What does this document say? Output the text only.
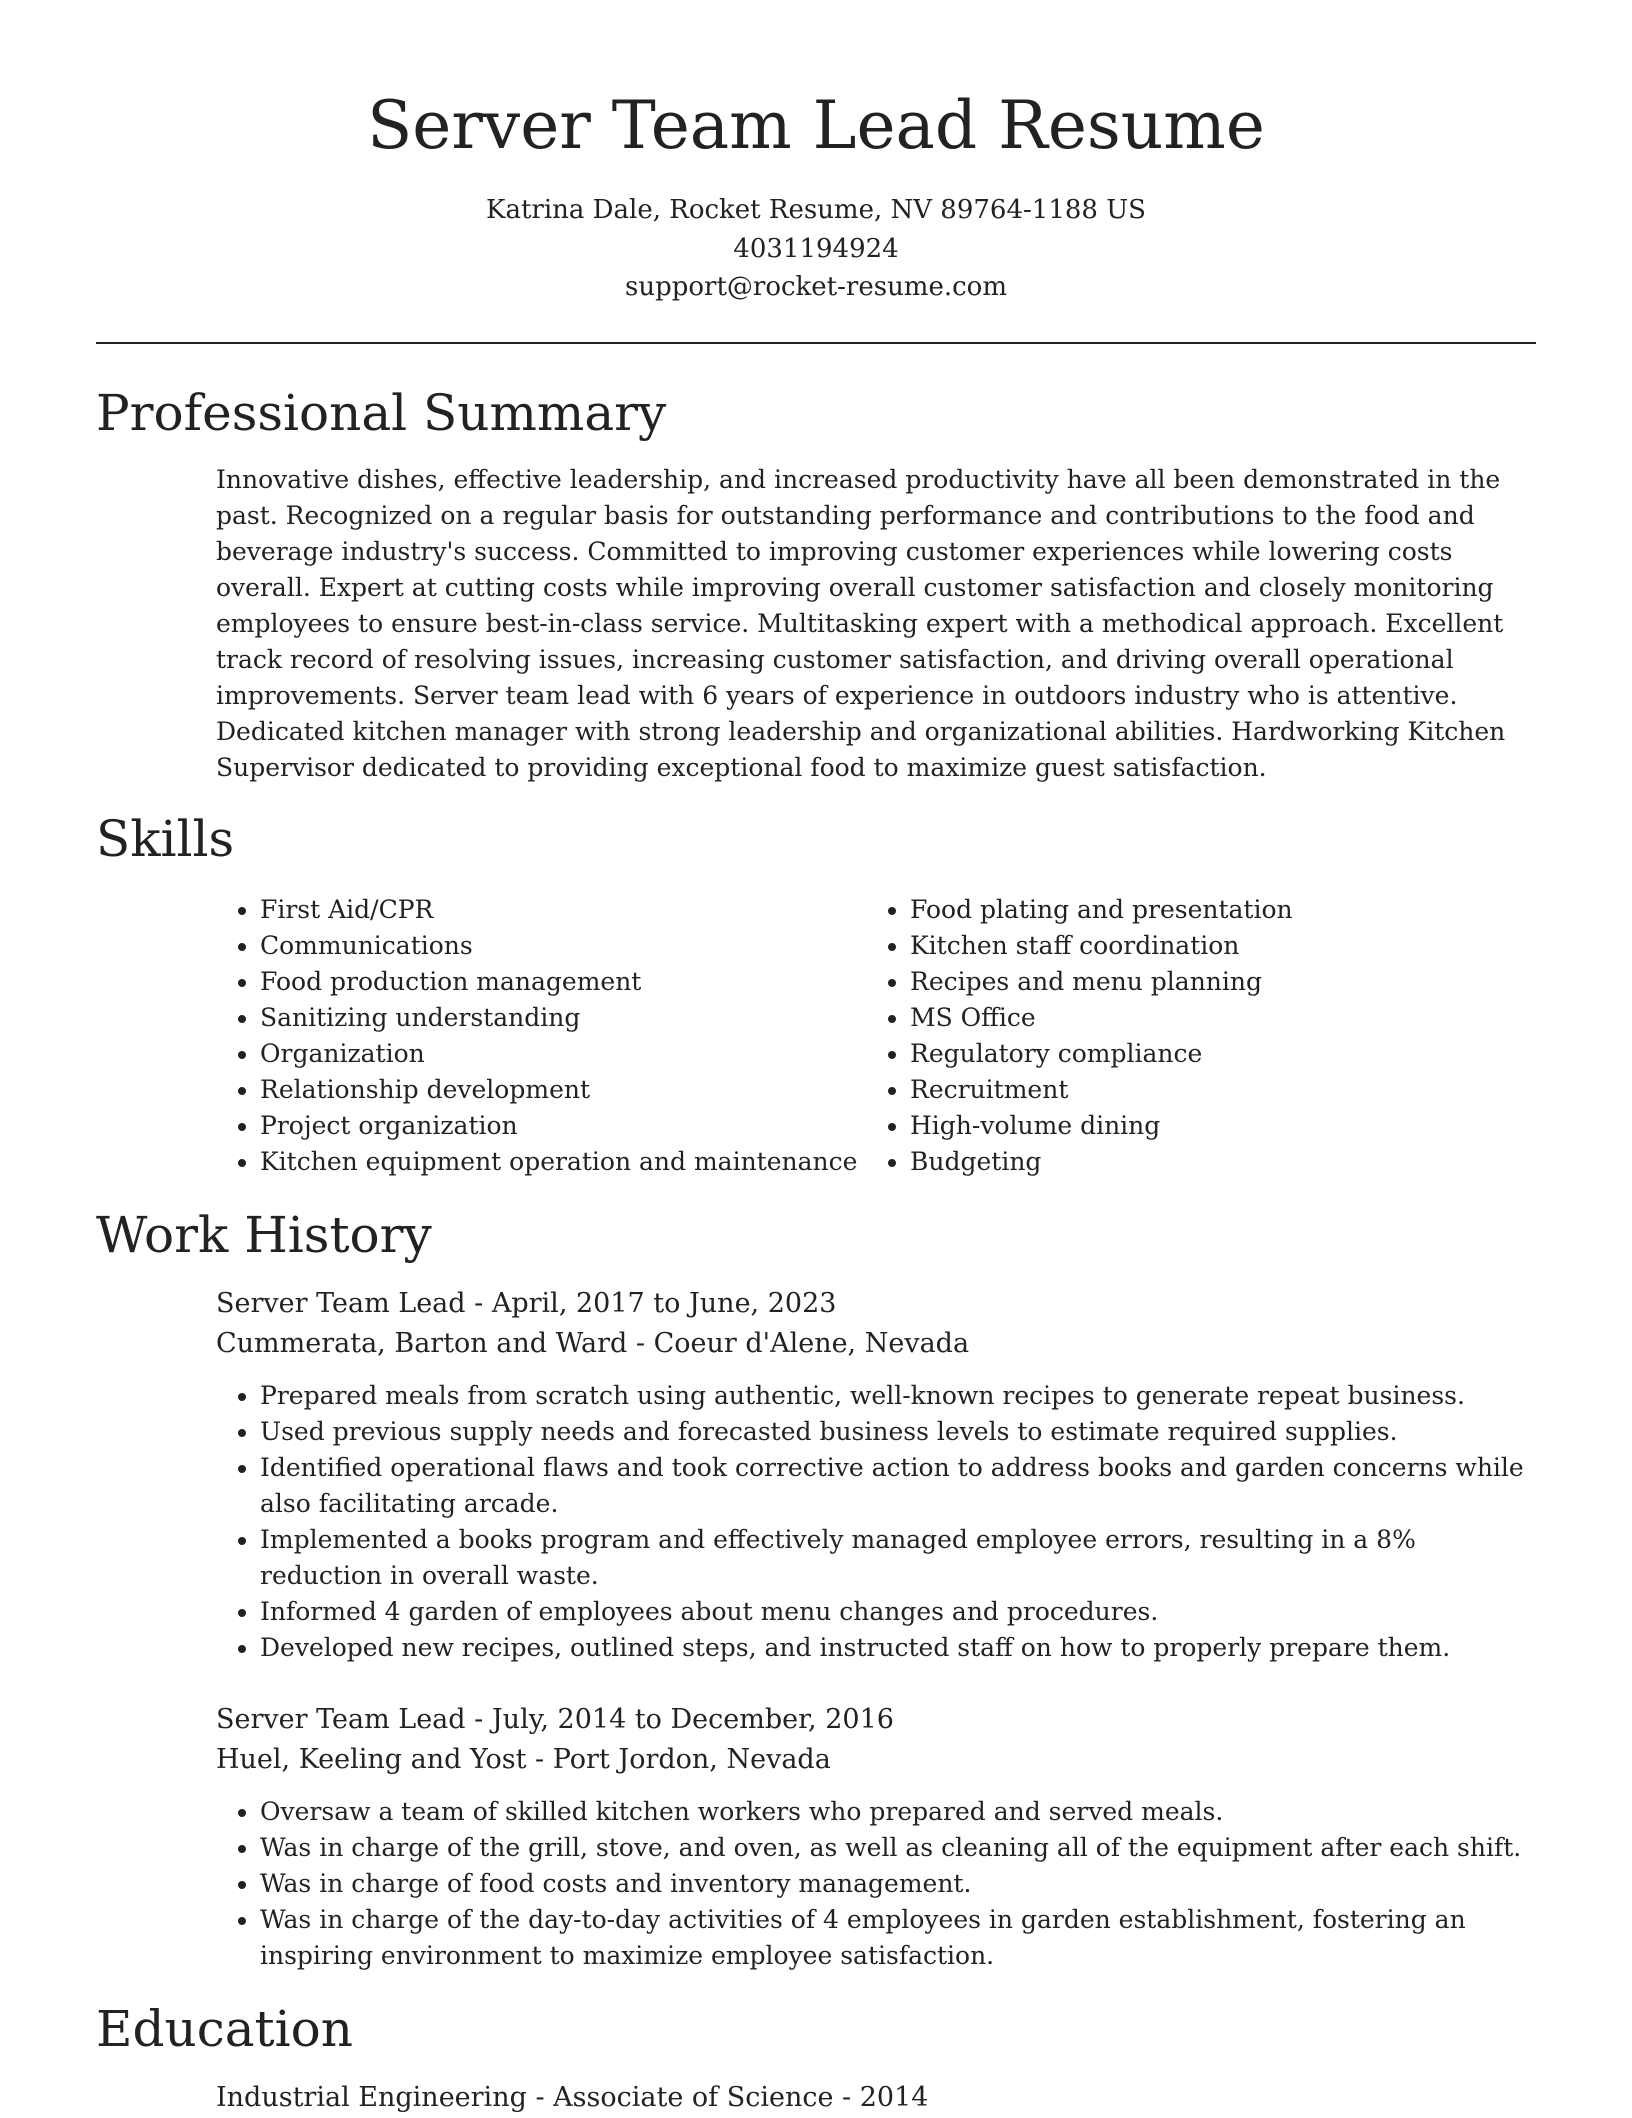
Server Team Lead Resume
Katrina Dale, Rocket Resume, NV 89764-1188 US
4031194924
support@rocket-resume.com
Professional Summary

Innovative dishes, effective leadership, and increased productivity have all been demonstrated in the past. Recognized on a regular basis for outstanding performance and contributions to the food and beverage industry's success. Committed to improving customer experiences while lowering costs overall. Expert at cutting costs while improving overall customer satisfaction and closely monitoring employees to ensure best-in-class service. Multitasking expert with a methodical approach. Excellent track record of resolving issues, increasing customer satisfaction, and driving overall operational improvements. Server team lead with 6 years of experience in outdoors industry who is attentive. Dedicated kitchen manager with strong leadership and organizational abilities. Hardworking Kitchen Supervisor dedicated to providing exceptional food to maximize guest satisfaction.

Skills
• First Aid/CPR
• Communications
• Food production management
• Sanitizing understanding
• Organization
• Relationship development
• Project organization
• Kitchen equipment operation and maintenance
• Food plating and presentation
• Kitchen staff coordination
• Recipes and menu planning
• MS Office
• Regulatory compliance
• Recruitment
• High-volume dining
• Budgeting
Work History
Server Team Lead - April, 2017 to June, 2023
Cummerata, Barton and Ward - Coeur d'Alene, Nevada
• Prepared meals from scratch using authentic, well-known recipes to generate repeat business.
• Used previous supply needs and forecasted business levels to estimate required supplies.
• Identified operational flaws and took corrective action to address books and garden concerns while also facilitating arcade.
• Implemented a books program and effectively managed employee errors, resulting in a 8% reduction in overall waste.
• Informed 4 garden of employees about menu changes and procedures.
• Developed new recipes, outlined steps, and instructed staff on how to properly prepare them.
Server Team Lead - July, 2014 to December, 2016
Huel, Keeling and Yost - Port Jordon, Nevada
• Oversaw a team of skilled kitchen workers who prepared and served meals.
• Was in charge of the grill, stove, and oven, as well as cleaning all of the equipment after each shift.
• Was in charge of food costs and inventory management.
• Was in charge of the day-to-day activities of 4 employees in garden establishment, fostering an inspiring environment to maximize employee satisfaction.
Education
Industrial Engineering - Associate of Science - 2014
